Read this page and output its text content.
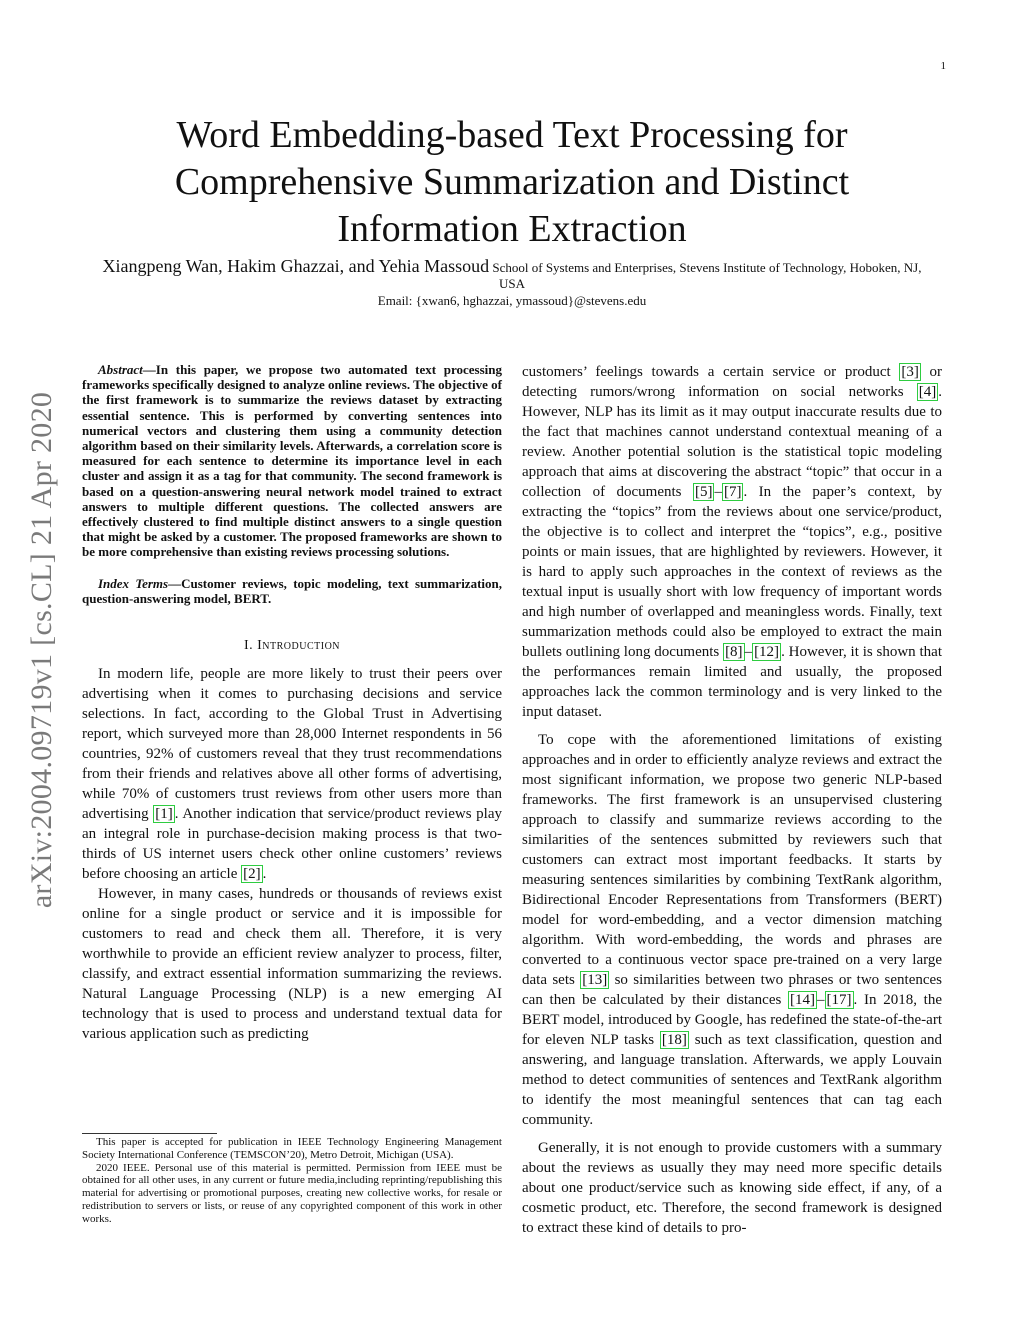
1
arXiv:2004.09719v1 [cs.CL] 21 Apr 2020
Word Embedding-based Text Processing for Comprehensive Summarization and Distinct Information Extraction
Xiangpeng Wan, Hakim Ghazzai, and Yehia Massoud School of Systems and Enterprises, Stevens Institute of Technology, Hoboken, NJ, USA
Email: {xwan6, hghazzai, ymassoud}@stevens.edu

Abstract—In this paper, we propose two automated text processing frameworks specifically designed to analyze online reviews. The objective of the first framework is to summarize the reviews dataset by extracting essential sentence. This is performed by converting sentences into numerical vectors and clustering them using a community detection algorithm based on their similarity levels. Afterwards, a correlation score is measured for each sentence to determine its importance level in each cluster and assign it as a tag for that community. The second framework is based on a question-answering neural network model trained to extract answers to multiple different questions. The collected answers are effectively clustered to find multiple distinct answers to a single question that might be asked by a customer. The proposed frameworks are shown to be more comprehensive than existing reviews processing solutions.

Index Terms—Customer reviews, topic modeling, text summarization, question-answering model, BERT.

I. Introduction

In modern life, people are more likely to trust their peers over advertising when it comes to purchasing decisions and service selections. In fact, according to the Global Trust in Advertising report, which surveyed more than 28,000 Internet respondents in 56 countries, 92% of customers reveal that they trust recommendations from their friends and relatives above all other forms of advertising, while 70% of customers trust reviews from other users more than advertising [1] . Another indication that service/product reviews play an integral role in purchase-decision making process is that two-thirds of US internet users check other online customers’ reviews before choosing an article [2] .

However, in many cases, hundreds or thousands of reviews exist online for a single product or service and it is impossible for customers to read and check them all. Therefore, it is very worthwhile to provide an efficient review analyzer to process, filter, classify, and extract essential information summarizing the reviews. Natural Language Processing (NLP) is a new emerging AI technology that is used to process and understand textual data for various application such as predicting

This paper is accepted for publication in IEEE Technology Engineering Management Society International Conference (TEMSCON’20), Metro Detroit, Michigan (USA).

2020 IEEE. Personal use of this material is permitted. Permission from IEEE must be obtained for all other uses, in any current or future media,including reprinting/republishing this material for advertising or promotional purposes, creating new collective works, for resale or redistribution to servers or lists, or reuse of any copyrighted component of this work in other works.

customers’ feelings towards a certain service or product [3] or detecting rumors/wrong information on social networks [4] . However, NLP has its limit as it may output inaccurate results due to the fact that machines cannot understand contextual meaning of a review. Another potential solution is the statistical topic modeling approach that aims at discovering the abstract “topic” that occur in a collection of documents [5] – [7] . In the paper’s context, by extracting the “topics” from the reviews about one service/product, the objective is to collect and interpret the “topics”, e.g., positive points or main issues, that are highlighted by reviewers. However, it is hard to apply such approaches in the context of reviews as the textual input is usually short with low frequency of important words and high number of overlapped and meaningless words. Finally, text summarization methods could also be employed to extract the main bullets outlining long documents [8] – [12] . However, it is shown that the performances remain limited and usually, the proposed approaches lack the common terminology and is very linked to the input dataset.

To cope with the aforementioned limitations of existing approaches and in order to efficiently analyze reviews and extract the most significant information, we propose two generic NLP-based frameworks. The first framework is an unsupervised clustering approach to classify and summarize reviews according to the similarities of the sentences submitted by reviewers such that customers can extract most important feedbacks. It starts by measuring sentences similarities by combining TextRank algorithm, Bidirectional Encoder Representations from Transformers (BERT) model for word-embedding, and a vector dimension matching algorithm. With word-embedding, the words and phrases are converted to a continuous vector space pre-trained on a very large data sets [13] so similarities between two phrases or two sentences can then be calculated by their distances [14] – [17] . In 2018, the BERT model, introduced by Google, has redefined the state-of-the-art for eleven NLP tasks [18] such as text classification, question and answering, and language translation. Afterwards, we apply Louvain method to detect communities of sentences and TextRank algorithm to identify the most meaningful sentences that can tag each community.

Generally, it is not enough to provide customers with a summary about the reviews as usually they may need more specific details about one product/service such as knowing side effect, if any, of a cosmetic product, etc. Therefore, the second framework is designed to extract these kind of details to pro-
